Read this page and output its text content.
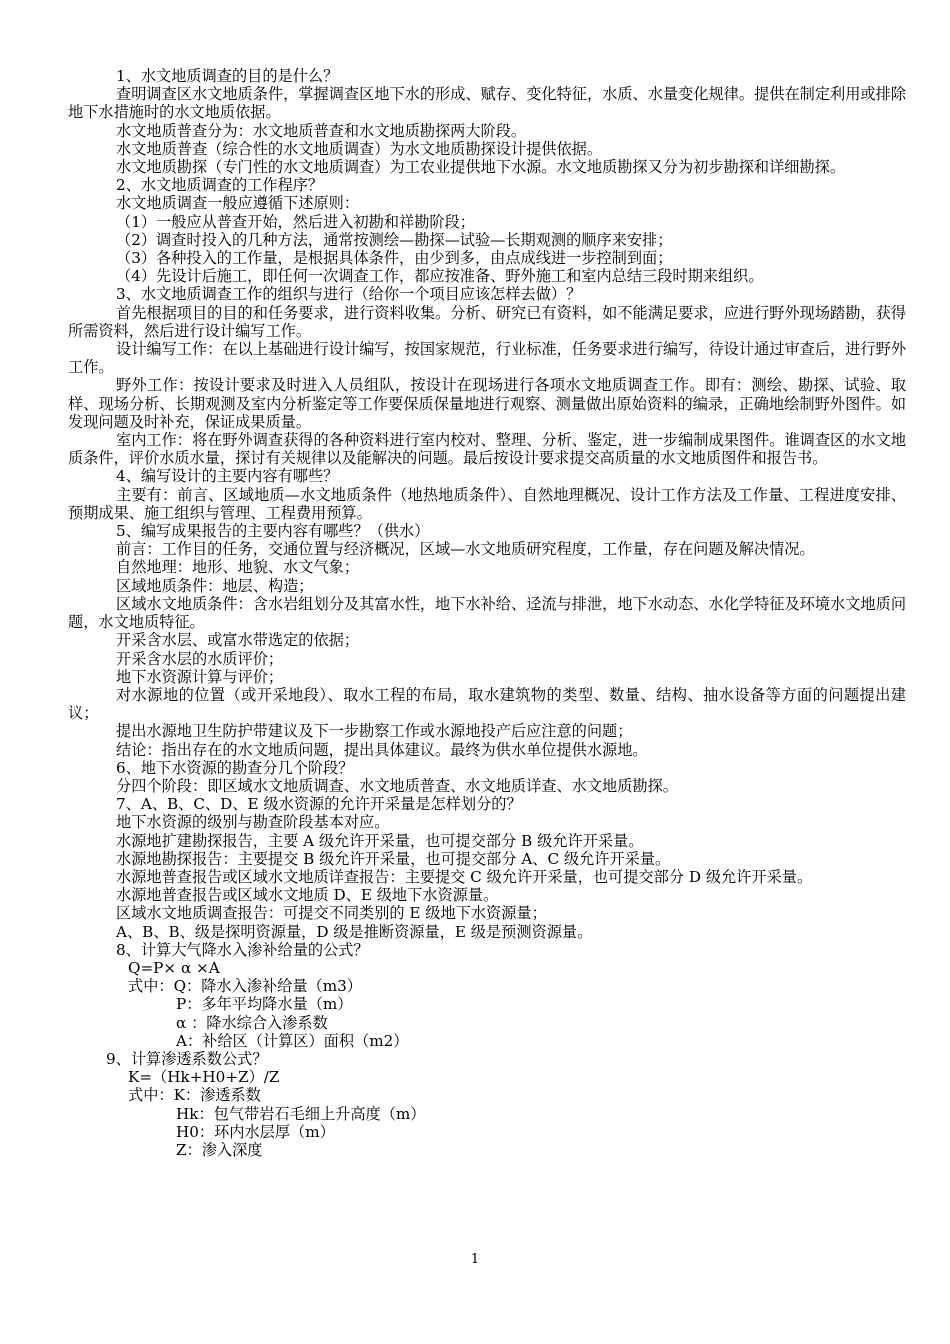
1、水文地质调查的目的是什么？

查明调查区水文地质条件，掌握调查区地下水的形成、赋存、变化特征，水质、水量变化规律。提供在制定利用或排除地下水措施时的水文地质依据。

水文地质普查分为：水文地质普查和水文地质勘探两大阶段。

水文地质普查（综合性的水文地质调查）为水文地质勘探设计提供依据。

水文地质勘探（专门性的水文地质调查）为工农业提供地下水源。水文地质勘探又分为初步勘探和详细勘探。

2、水文地质调查的工作程序？

水文地质调查一般应遵循下述原则：

（1）一般应从普查开始，然后进入初勘和祥勘阶段；

（2）调查时投入的几种方法，通常按测绘—勘探—试验—长期观测的顺序来安排；

（3）各种投入的工作量，是根据具体条件，由少到多，由点成线进一步控制到面；

（4）先设计后施工，即任何一次调查工作，都应按准备、野外施工和室内总结三段时期来组织。

3、水文地质调查工作的组织与进行（给你一个项目应该怎样去做）？

首先根据项目的目的和任务要求，进行资料收集。分析、研究已有资料，如不能满足要求，应进行野外现场踏勘，获得所需资料，然后进行设计编写工作。

设计编写工作：在以上基础进行设计编写，按国家规范，行业标准，任务要求进行编写，待设计通过审查后，进行野外工作。

野外工作：按设计要求及时进入人员组队，按设计在现场进行各项水文地质调查工作。即有：测绘、勘探、试验、取样、现场分析、长期观测及室内分析鉴定等工作要保质保量地进行观察、测量做出原始资料的编录，正确地绘制野外图件。如发现问题及时补充，保证成果质量。

室内工作：将在野外调查获得的各种资料进行室内校对、整理、分析、鉴定，进一步编制成果图件。谁调查区的水文地质条件，评价水质水量，探讨有关规律以及能解决的问题。最后按设计要求提交高质量的水文地质图件和报告书。

4、编写设计的主要内容有哪些？

主要有：前言、区域地质—水文地质条件（地热地质条件）、自然地理概况、设计工作方法及工作量、工程进度安排、预期成果、施工组织与管理、工程费用预算。

5、编写成果报告的主要内容有哪些？（供水）

前言：工作目的任务，交通位置与经济概况，区域—水文地质研究程度，工作量，存在问题及解决情况。

自然地理：地形、地貌、水文气象；

区域地质条件：地层、构造；

区域水文地质条件：含水岩组划分及其富水性，地下水补给、迳流与排泄，地下水动态、水化学特征及环境水文地质问题，水文地质特征。

开采含水层、或富水带选定的依据；

开采含水层的水质评价；

地下水资源计算与评价；

对水源地的位置（或开采地段）、取水工程的布局，取水建筑物的类型、数量、结构、抽水设备等方面的问题提出建议；

提出水源地卫生防护带建议及下一步勘察工作或水源地投产后应注意的问题；

结论：指出存在的水文地质问题，提出具体建议。最终为供水单位提供水源地。

6、地下水资源的勘查分几个阶段？

分四个阶段：即区域水文地质调查、水文地质普查、水文地质详查、水文地质勘探。

7、A、B、C、D、E 级水资源的允许开采量是怎样划分的？

地下水资源的级别与勘查阶段基本对应。

水源地扩建勘探报告，主要 A 级允许开采量，也可提交部分 B 级允许开采量。

水源地勘探报告：主要提交 B 级允许开采量，也可提交部分 A、C 级允许开采量。

水源地普查报告或区域水文地质详查报告：主要提交 C 级允许开采量，也可提交部分 D 级允许开采量。

水源地普查报告或区域水文地质 D、E 级地下水资源量。

区域水文地质调查报告：可提交不同类别的 E 级地下水资源量；

A、B、B、级是探明资源量，D 级是推断资源量，E 级是预测资源量。

8、计算大气降水入渗补给量的公式？

Q=P× α ×A

式中：Q：降水入渗补给量（m3）

P：多年平均降水量（m）

α ：降水综合入渗系数

A：补给区（计算区）面积（m2）

9、计算渗透系数公式？

K=（Hk+H0+Z）/Z

式中：K：渗透系数

Hk：包气带岩石毛细上升高度（m）

H0：环内水层厚（m）

Z：渗入深度

1
